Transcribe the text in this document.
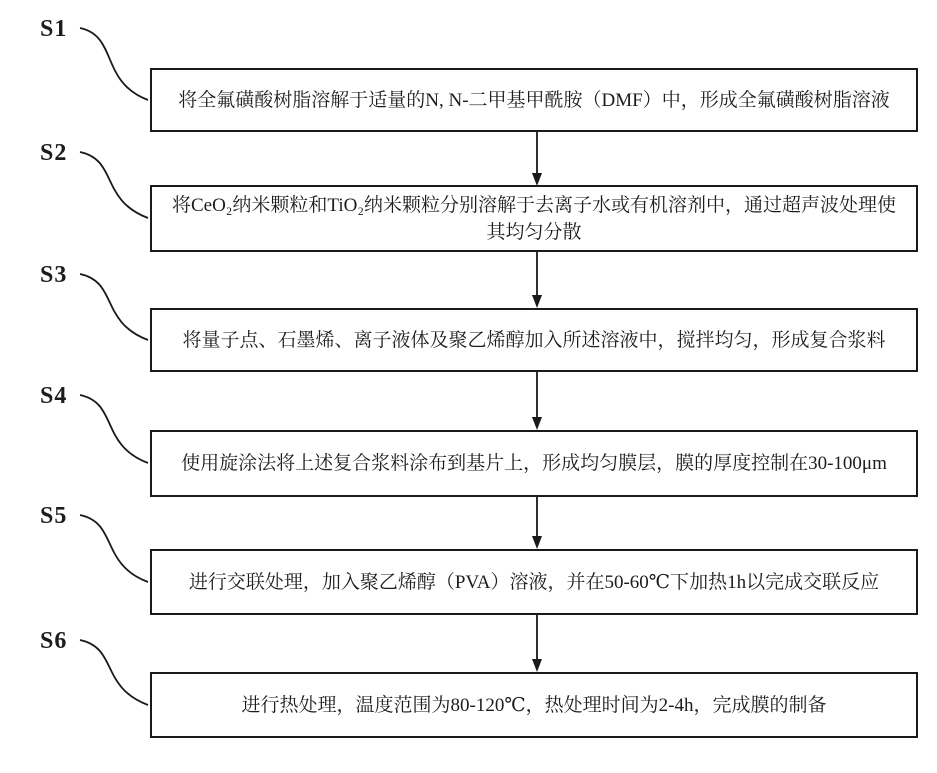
S1
将全氟磺酸树脂溶解于适量的N, N-二甲基甲酰胺（DMF）中，形成全氟磺酸树脂溶液
S2
将CeO₂纳米颗粒和TiO₂纳米颗粒分别溶解于去离子水或有机溶剂中，通过超声波处理使其均匀分散
S3
将量子点、石墨烯、离子液体及聚乙烯醇加入所述溶液中，搅拌均匀，形成复合浆料
S4
使用旋涂法将上述复合浆料涂布到基片上，形成均匀膜层，膜的厚度控制在30-100μm
S5
进行交联处理，加入聚乙烯醇（PVA）溶液，并在50-60℃下加热1h以完成交联反应
S6
进行热处理，温度范围为80-120℃，热处理时间为2-4h，完成膜的制备
